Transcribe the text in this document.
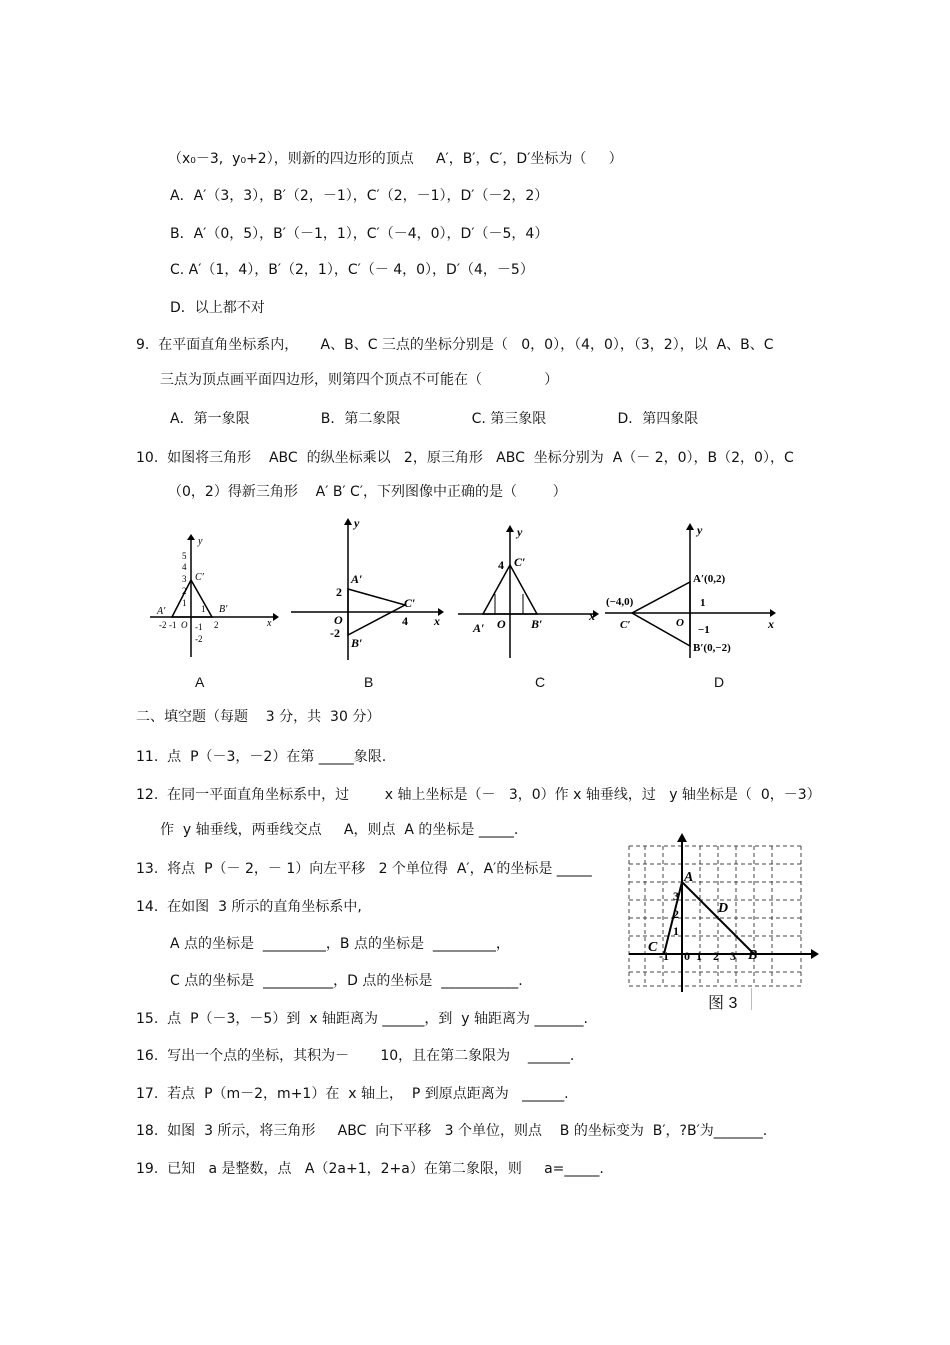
（x₀－3,  y₀+2），则新的四边形的顶点     A′，B′，C′，D′坐标为（     ）
A．A′（3，3），B′（2，－1），C′（2，－1），D′（－2，2）
B．A′（0，5），B′（－1，1），C′（－4，0），D′（－5，4）
C. A′（1，4），B′（2，1），C′（－ 4，0），D′（4，－5）
D．以上都不对
9.  在平面直角坐标系内，     A、B、C 三点的坐标分别是（   0，0），（4，0），（3，2），以  A、B、C
三点为顶点画平面四边形，则第四个顶点不可能在（              ）
A．第一象限                B．第二象限                C. 第三象限                D．第四象限
10.  如图将三角形    ABC  的纵坐标乘以   2，原三角形   ABC  坐标分别为  A（－ 2，0），B（2，0），C
（0，2）得新三角形    A′ B′ C′，下列图像中正确的是（        ）
y
x
5
4
3
2
1
-1
-2
-2 -1 O
1
2
A′	B′
C′
y
x
2
-2
4
O
A′
B′
C′
y
x
4
O
A′	B′
C′
y
x
A′(0,2)
B′(0,−2)
(−4,0)
C′	O
1
−1
A	B	C	D
二、填空题（每题    3 分，共  30 分）
11.  点  P（－3，－2）在第 _____象限.
12.  在同一平面直角坐标系中，过        x 轴上坐标是（－   3，0）作 x 轴垂线，过   y 轴坐标是（  0，－3）
作  y 轴垂线，两垂线交点     A，则点  A 的坐标是 _____.
13.  将点  P（－ 2，－ 1）向左平移   2 个单位得  A′，A′的坐标是 _____
14.  在如图  3 所示的直角坐标系中,
A 点的坐标是  _________，B 点的坐标是  _________，
C 点的坐标是  __________，D 点的坐标是  ___________.
A
B
C
D
-1 0 1 2 3
1
2
3
图 3
15.  点  P（－3，－5）到  x 轴距离为 ______，到  y 轴距离为 _______.
16.  写出一个点的坐标，其积为－       10，且在第二象限为    ______.
17.  若点  P（m－2，m+1）在  x 轴上，  P 到原点距离为   ______.
18.  如图  3 所示，将三角形     ABC  向下平移   3 个单位，则点    B 的坐标变为  B′，?B′为_______.
19.  已知   a 是整数，点   A（2a+1，2+a）在第二象限，则     a=_____.
